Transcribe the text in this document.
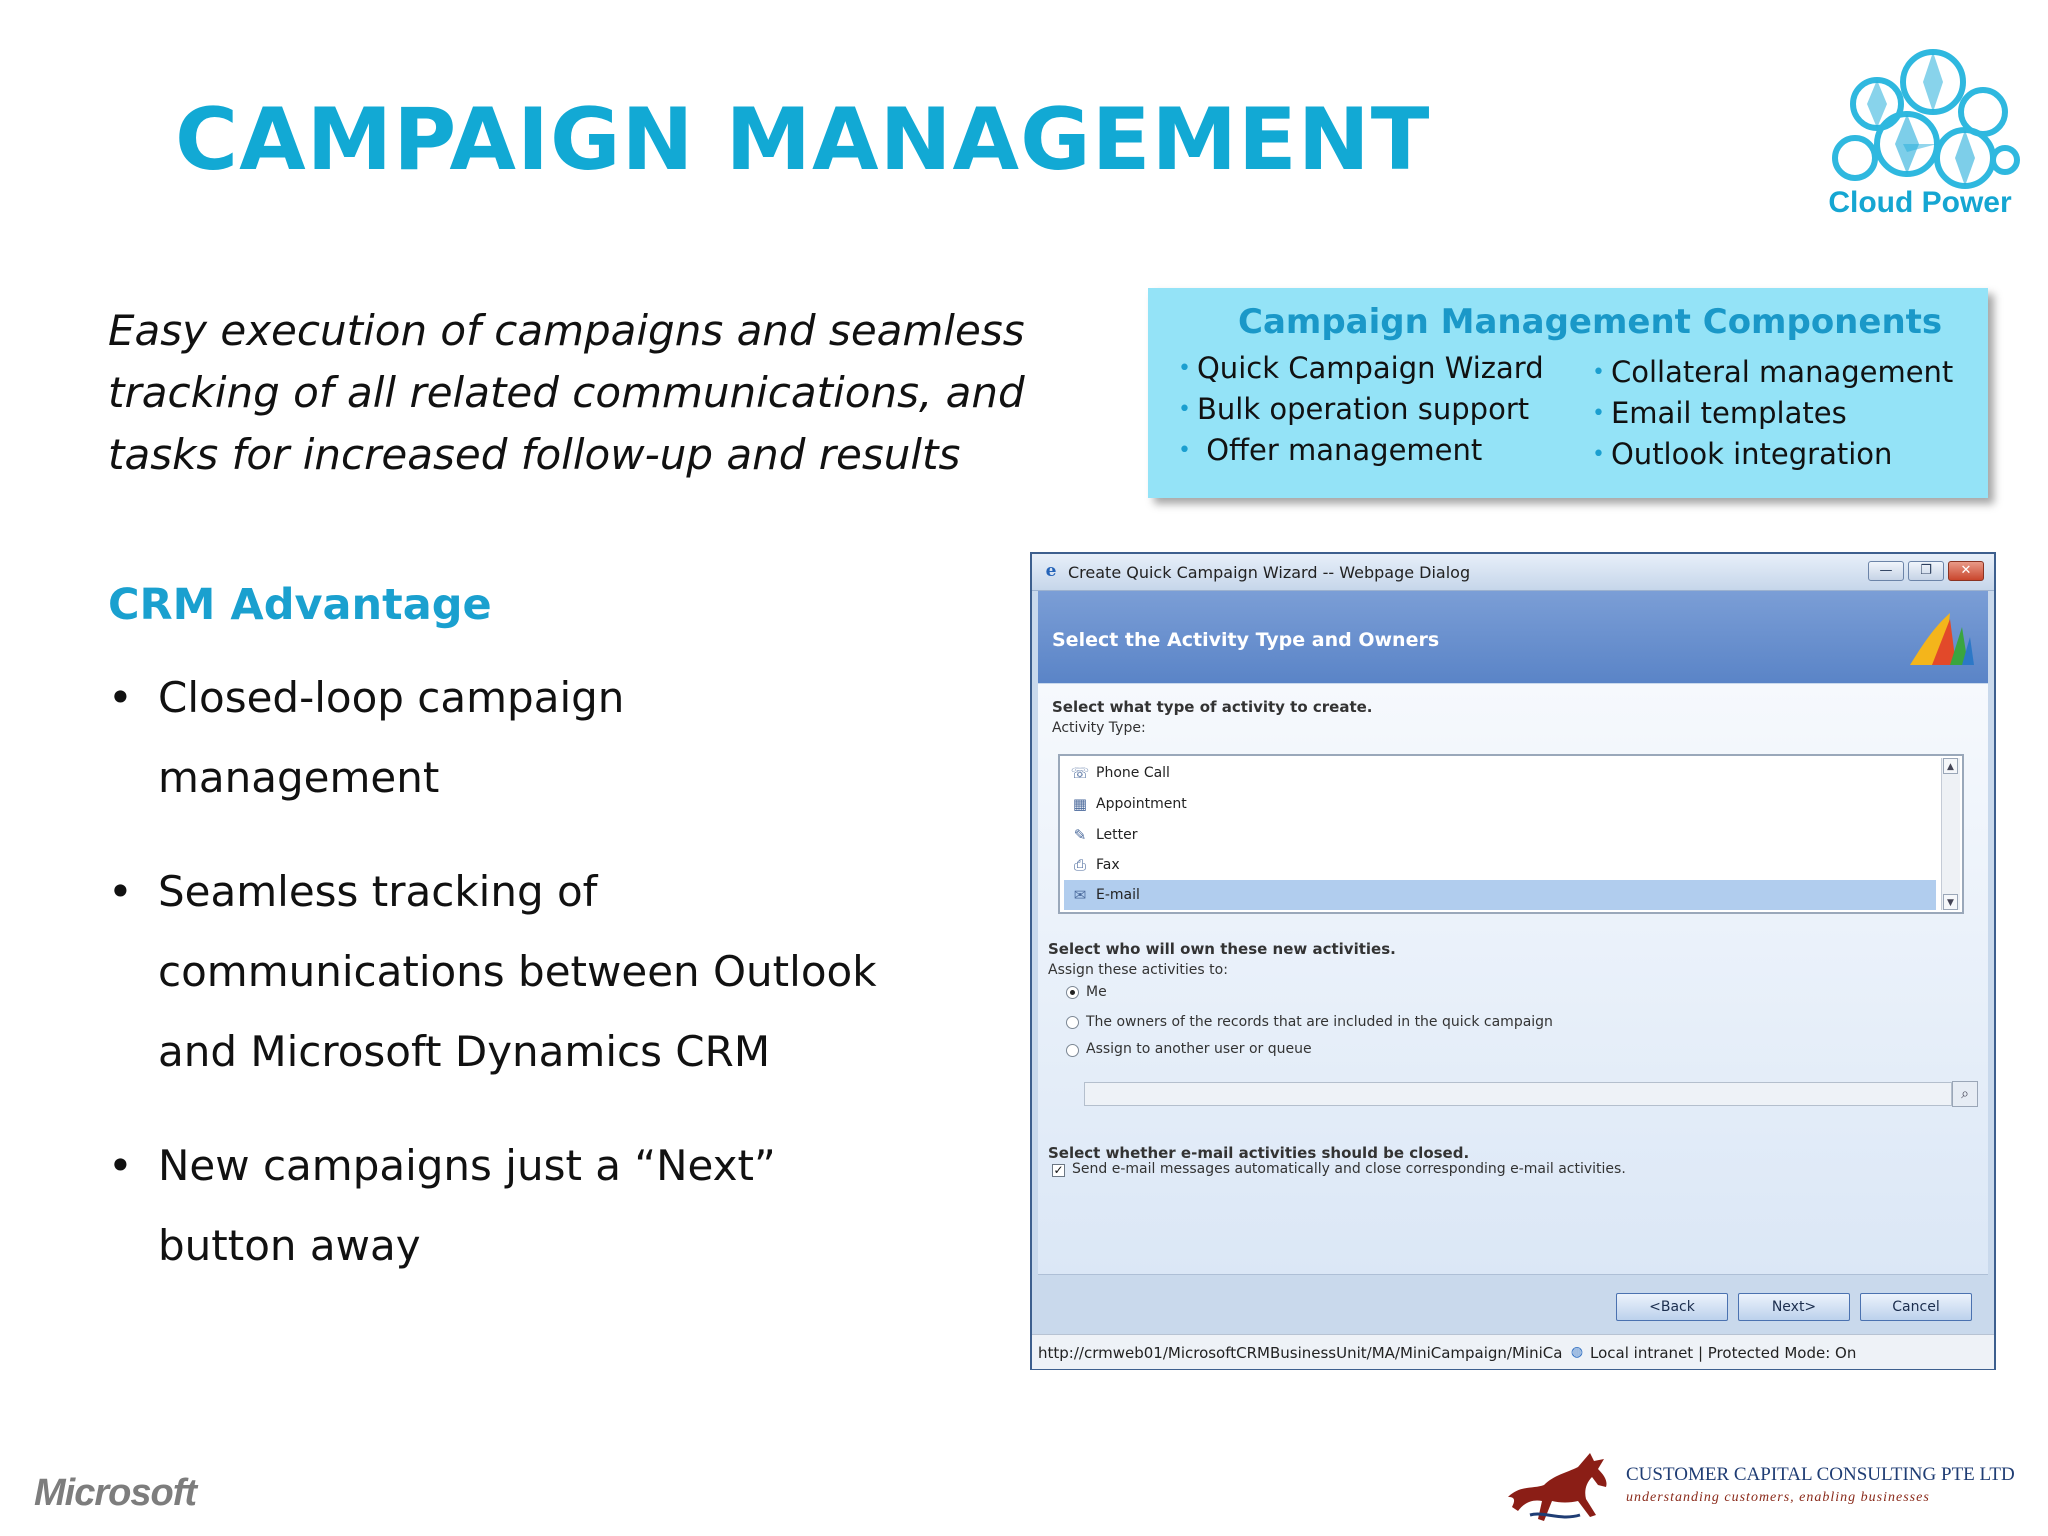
CAMPAIGN MANAGEMENT
Cloud Power
Easy execution of campaigns and seamless
tracking of all related communications, and
tasks for increased follow-up and results
Campaign Management Components
• Quick Campaign Wizard
• Bulk operation support
• Offer management
• Collateral management
• Email templates
• Outlook integration
CRM Advantage
• Closed-loop campaign
management
• Seamless tracking of
communications between Outlook
and Microsoft Dynamics CRM
• New campaigns just a “Next”
button away
e Create Quick Campaign Wizard -- Webpage Dialog	—	❐	✕
Select the Activity Type and Owners
Select what type of activity to create.
Activity Type:
☏ Phone Call
▦ Appointment
✎ Letter
⎙ Fax
✉ E-mail
▲
▼
Select who will own these new activities.
Assign these activities to:
Me
The owners of the records that are included in the quick campaign
Assign to another user or queue
⌕
Select whether e-mail activities should be closed.
✓ Send e-mail messages automatically and close corresponding e-mail activities.
<Back	Next>	Cancel
http://crmweb01/MicrosoftCRMBusinessUnit/MA/MiniCampaign/MiniCa ◍ Local intranet | Protected Mode: On
Microsoft	CUSTOMER CAPITAL CONSULTING PTE LTD
understanding customers, enabling businesses
